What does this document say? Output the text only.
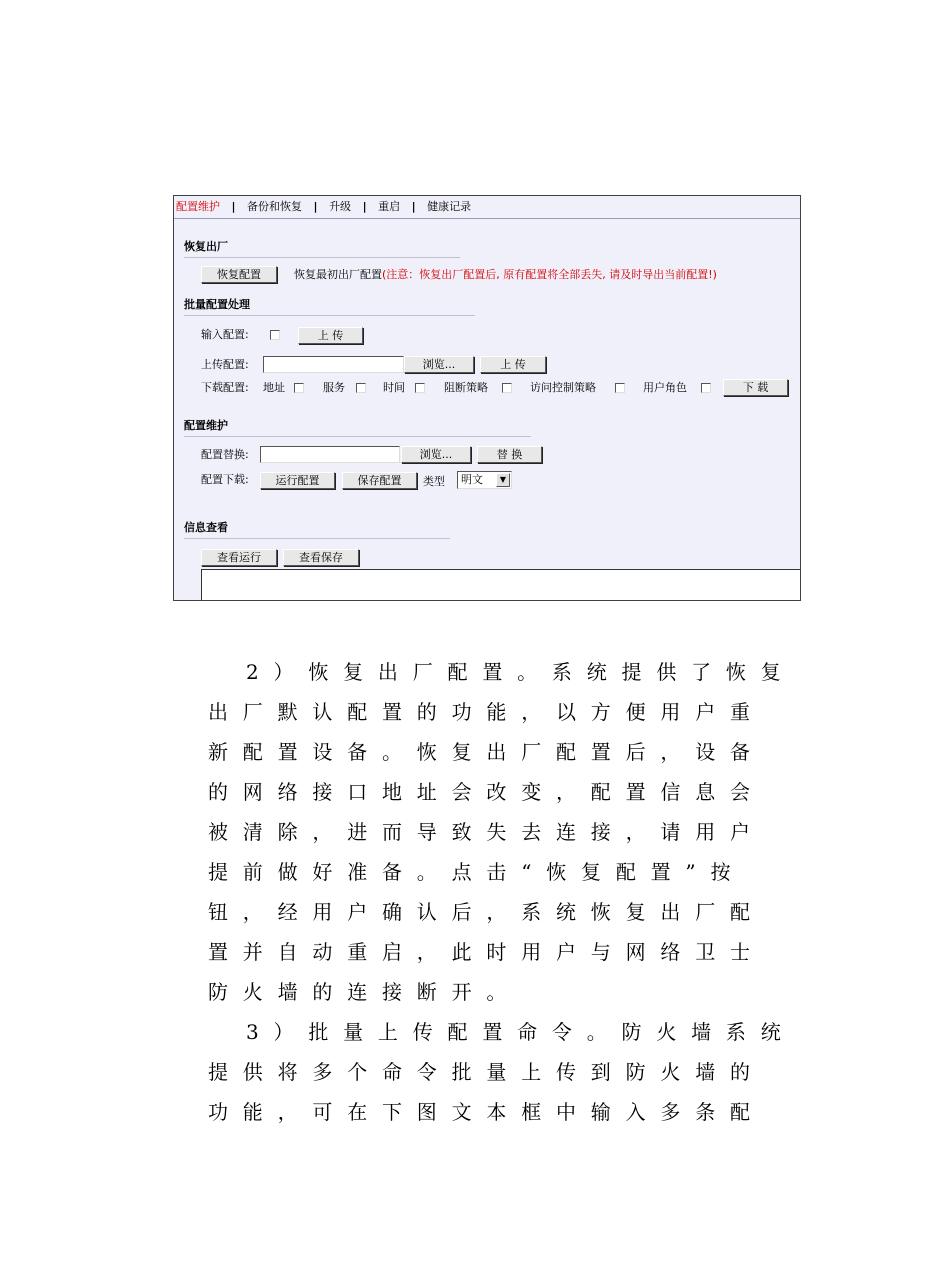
配置维护 | 备份和恢复 | 升级 | 重启 | 健康记录
恢复出厂
恢复配置	恢复最初出厂配置(注意：恢复出厂配置后, 原有配置将全部丢失, 请及时导出当前配置!)
批量配置处理
输入配置:	上 传
上传配置:	浏览...	上 传
下载配置: 地址	服务	时间	阻断策略	访问控制策略	用户角色	下 载
配置维护
配置替换:	浏览...	替 换
配置下载:	运行配置	保存配置	类型	明文	▼
信息查看
查看运行	查看保存

2）恢复出厂配置。系统提供了恢复

出厂默认配置的功能，以方便用户重

新配置设备。恢复出厂配置后，设备

的网络接口地址会改变，配置信息会

被清除，进而导致失去连接，请用户

提前做好准备。点击“恢复配置”按

钮，经用户确认后，系统恢复出厂配

置并自动重启，此时用户与网络卫士

防火墙的连接断开。

3）批量上传配置命令。防火墙系统

提供将多个命令批量上传到防火墙的

功能，可在下图文本框中输入多条配
